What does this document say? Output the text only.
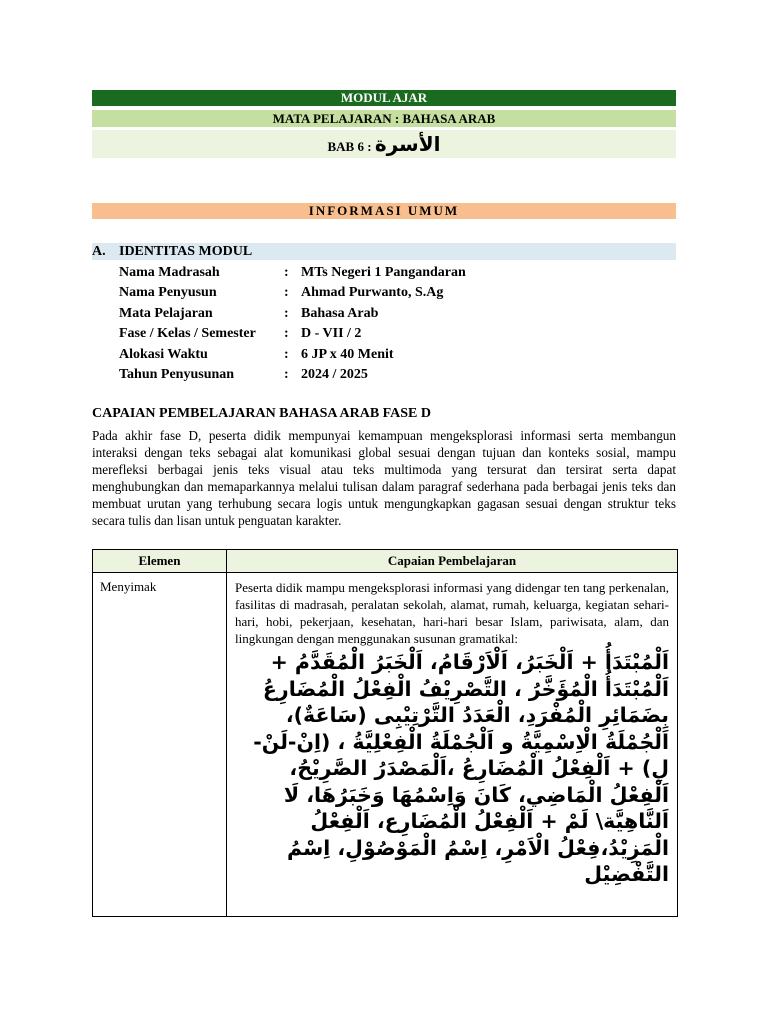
MODUL AJAR
MATA PELAJARAN : BAHASA ARAB
BAB 6 : الأسرة
INFORMASI UMUM
A. IDENTITAS MODUL
Nama Madrasah	: MTs Negeri 1 Pangandaran
Nama Penyusun	: Ahmad Purwanto, S.Ag
Mata Pelajaran	: Bahasa Arab
Fase / Kelas / Semester	: D - VII / 2
Alokasi Waktu	: 6 JP x 40 Menit
Tahun Penyusunan	: 2024 / 2025
CAPAIAN PEMBELAJARAN BAHASA ARAB FASE D

Pada akhir fase D, peserta didik mempunyai kemampuan mengeksplorasi informasi serta membangun interaksi dengan teks sebagai alat komunikasi global sesuai dengan tujuan dan konteks sosial, mampu merefleksi berbagai jenis teks visual atau teks multimoda yang tersurat dan tersirat serta dapat menghubungkan dan memaparkannya melalui tulisan dalam paragraf sederhana pada berbagai jenis teks dan membuat urutan yang terhubung secara logis untuk mengungkapkan gagasan sesuai dengan struktur teks secara tulis dan lisan untuk penguatan karakter.

Elemen	Capaian Pembelajaran
Menyimak	Peserta didik mampu mengeksplorasi informasi yang didengar ten tang perkenalan, fasilitas di madrasah, peralatan sekolah, alamat, rumah, keluarga, kegiatan sehari-hari, hobi, pekerjaan, kesehatan, hari-hari besar Islam, pariwisata, alam, dan lingkungan dengan menggunakan susunan gramatikal:

اَلْمُبْتَدَأُ + اَلْخَبَرُ، اَلْاَرْقَامُ، اَلْخَبَرُ الْمُقَدَّمُ + اَلْمُبْتَدَأُ الْمُؤَخَّرُ ، التَّصْرِيْفُ الْفِعْلُ الْمُضَارِعُ بِضَمَائِرِ الْمُفْرَدِ، الْعَدَدُ التَّرْتِيْبِى (سَاعَةٌ)، اَلْجُمْلَةُ الْاِسْمِيَّةُ و اَلْجُمْلَةُ الْفِعْلِيَّةُ ، (اِنْ-لَنْ-لِ) + اَلْفِعْلُ الْمُضَارِعُ ،اَلْمَصْدَرُ الصَّرِيْحُ، اَلْفِعْلُ الْمَاضِي، كَانَ وَاِسْمُهَا وَخَبَرُهَا، لَا اَلنَّاهِيَّة\ لَمْ + اَلْفِعْلُ الْمُضَارِع، اَلْفِعْلُ الْمَزِيْدُ،فِعْلُ الْاَمْرِ، اِسْمُ الْمَوْصُوْلِ، اِسْمُ التَّفْضِيْل
